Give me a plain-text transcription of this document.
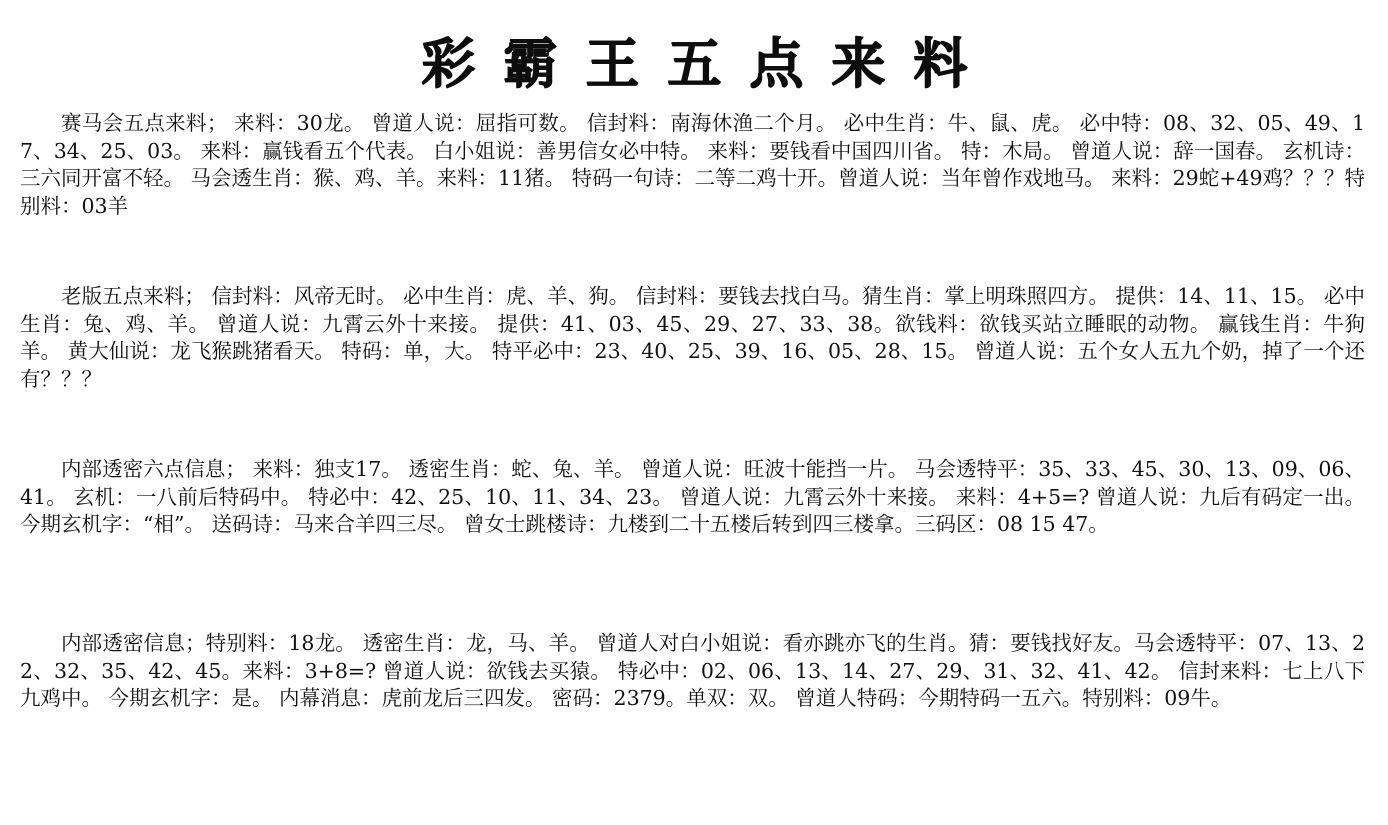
彩霸王五点来料
赛马会五点来料； 来料：30龙。 曾道人说：屈指可数。 信封料：南海休渔二个月。 必中生肖：牛、鼠、虎。 必中特：08、32、05、49、17、34、25、03。 来料：赢钱看五个代表。 白小姐说：善男信女必中特。 来料：要钱看中国四川省。 特：木局。 曾道人说：辞一国春。 玄机诗：三六同开富不轻。 马会透生肖：猴、鸡、羊。来料：11猪。 特码一句诗：二等二鸡十开。曾道人说：当年曾作戏地马。 来料：29蛇+49鸡？？？特别料：03羊
老版五点来料； 信封料：风帝无时。 必中生肖：虎、羊、狗。 信封料：要钱去找白马。猜生肖：掌上明珠照四方。 提供：14、11、15。 必中生肖：兔、鸡、羊。 曾道人说：九霄云外十来接。 提供：41、03、45、29、27、33、38。欲钱料：欲钱买站立睡眠的动物。 赢钱生肖：牛狗羊。 黄大仙说：龙飞猴跳猪看天。 特码：单，大。 特平必中：23、40、25、39、16、05、28、15。 曾道人说：五个女人五九个奶，掉了一个还有？？？
内部透密六点信息； 来料：独支17。 透密生肖：蛇、兔、羊。 曾道人说：旺波十能挡一片。 马会透特平：35、33、45、30、13、09、06、41。 玄机：一八前后特码中。 特必中：42、25、10、11、34、23。 曾道人说：九霄云外十来接。 来料：4+5=? 曾道人说：九后有码定一出。 今期玄机字：“相”。 送码诗：马来合羊四三尽。 曾女士跳楼诗：九楼到二十五楼后转到四三楼拿。三码区：08 15 47。
内部透密信息；特别料：18龙。 透密生肖：龙，马、羊。 曾道人对白小姐说：看亦跳亦飞的生肖。猜：要钱找好友。马会透特平：07、13、22、32、35、42、45。来料：3+8=? 曾道人说：欲钱去买猿。 特必中：02、06、13、14、27、29、31、32、41、42。 信封来料：七上八下九鸡中。 今期玄机字：是。 内幕消息：虎前龙后三四发。 密码：2379。单双：双。 曾道人特码：今期特码一五六。特别料：09牛。
